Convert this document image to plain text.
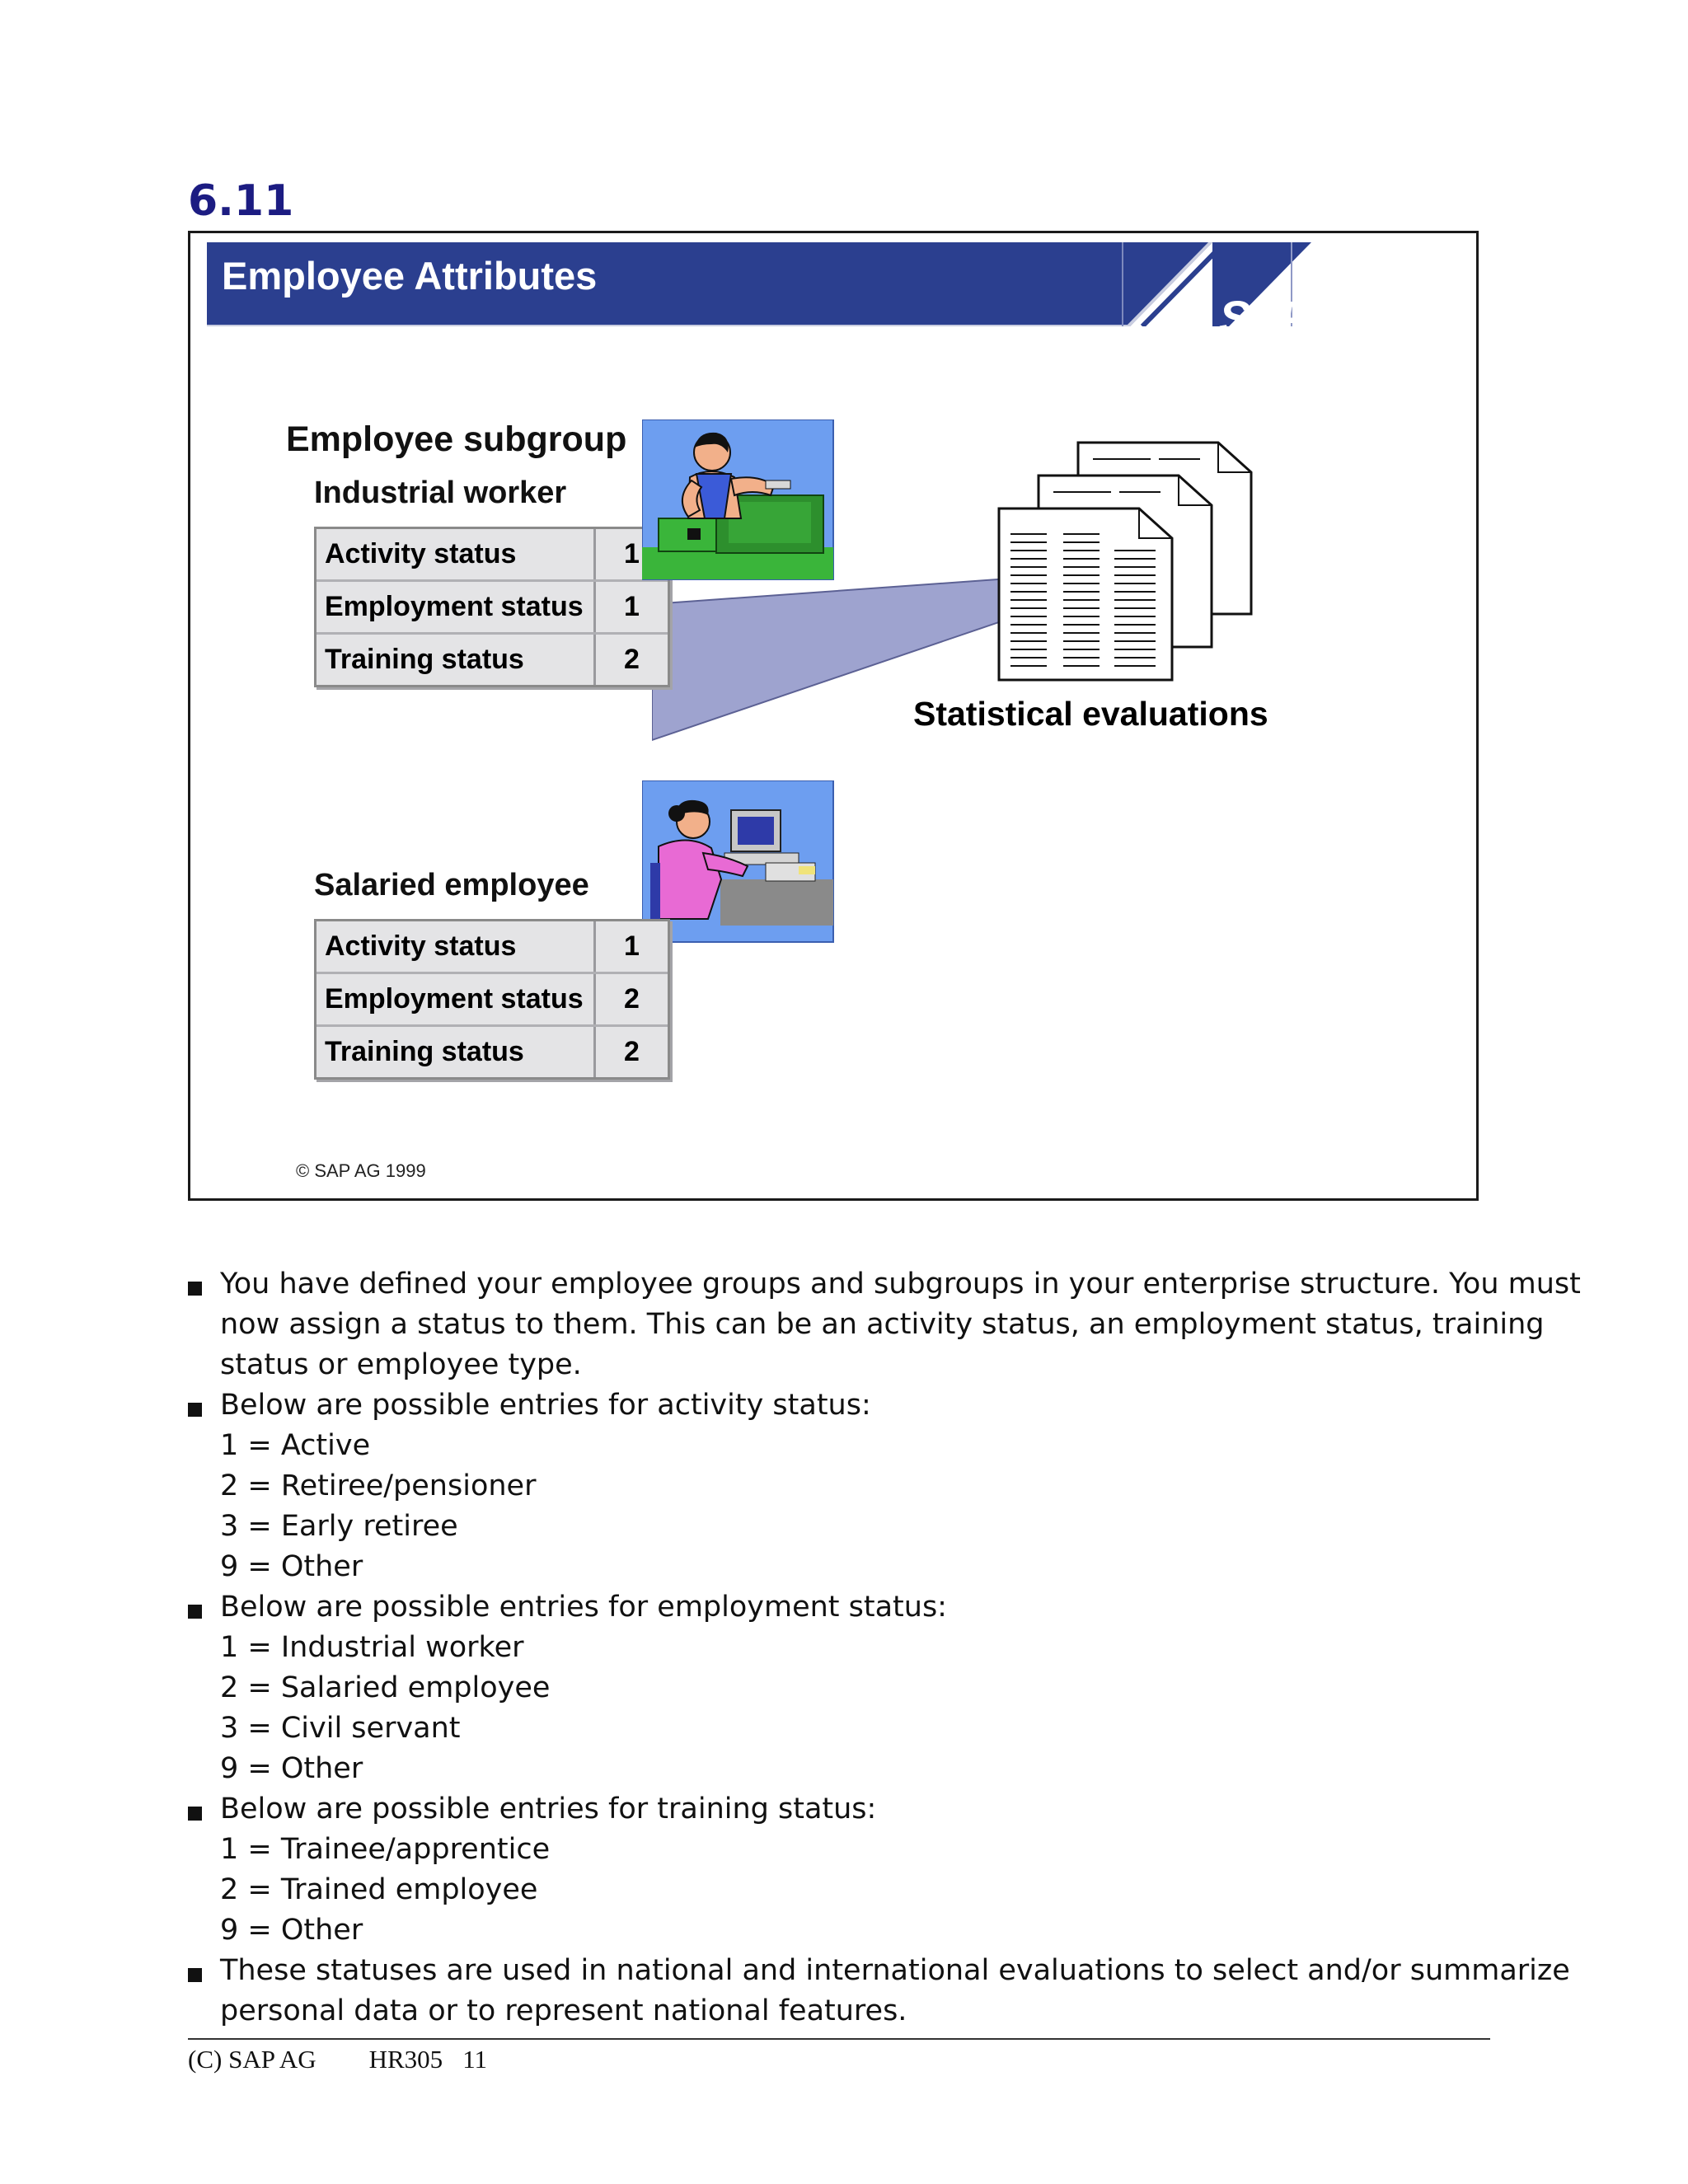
6.11
Employee Attributes
SAP
Employee subgroup
Industrial worker
Salaried employee
Activity status	1
Employment status	1
Training status	2
Statistical evaluations
Activity status	1
Employment status	2
Training status	2
© SAP AG 1999
You have defined your employee groups and subgroups in your enterprise structure. You must
now assign a status to them. This can be an activity status, an employment status, training
status or employee type.
Below are possible entries for activity status:
1 = Active
2 = Retiree/pensioner
3 = Early retiree
9 = Other
Below are possible entries for employment status:
1 = Industrial worker
2 = Salaried employee
3 = Civil servant
9 = Other
Below are possible entries for training status:
1 = Trainee/apprentice
2 = Trained employee
9 = Other
These statuses are used in national and international evaluations to select and/or summarize
personal data or to represent national features.
(C) SAP AG HR305 11
